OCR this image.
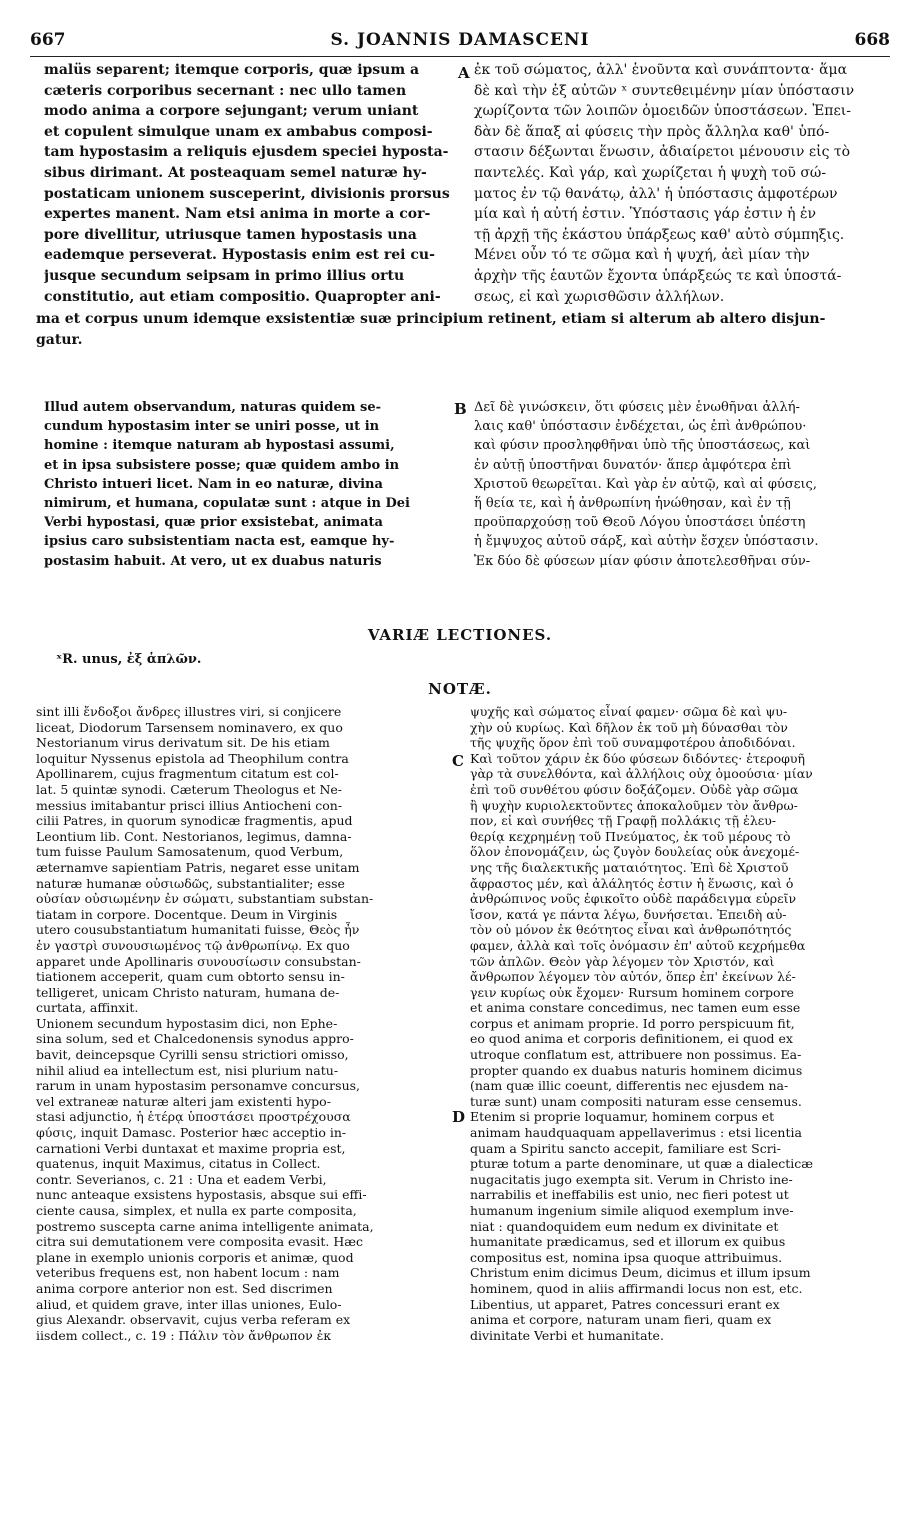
667	S. JOANNIS DAMASCENI	668
malüs separent; itemque corporis, quæ ipsum a
cæteris corporibus secernant : nec ullo tamen
modo anima a corpore sejungant; verum uniant
et copulent simulque unam ex ambabus composi-
tam hypostasim a reliquis ejusdem speciei hyposta-
sibus dirimant. At posteaquam semel naturæ hy-
postaticam unionem susceperint, divisionis prorsus
expertes manent. Nam etsi anima in morte a cor-
pore divellitur, utriusque tamen hypostasis una
eademque perseverat. Hypostasis enim est rei cu-
jusque secundum seipsam in primo illius ortu
constitutio, aut etiam compositio. Quapropter ani-
A ἐκ τοῦ σώματος, ἀλλ' ἑνοῦντα καὶ συνάπτοντα· ἅμα
δὲ καὶ τὴν ἐξ αὐτῶν ˣ συντεθειμένην μίαν ὑπόστασιν
χωρίζοντα τῶν λοιπῶν ὁμοειδῶν ὑποστάσεων. Ἐπει-
δὰν δὲ ἅπαξ αἱ φύσεις τὴν πρὸς ἄλληλα καθ' ὑπό-
στασιν δέξωνται ἕνωσιν, ἀδιαίρετοι μένουσιν εἰς τὸ
παντελές. Καὶ γάρ, καὶ χωρίζεται ἡ ψυχὴ τοῦ σώ-
ματος ἐν τῷ θανάτῳ, ἀλλ' ἡ ὑπόστασις ἀμφοτέρων
μία καὶ ἡ αὐτή ἐστιν. Ὑπόστασις γάρ ἐστιν ἡ ἐν
τῇ ἀρχῇ τῆς ἑκάστου ὑπάρξεως καθ' αὐτὸ σύμπηξις.
Μένει οὖν τό τε σῶμα καὶ ἡ ψυχή, ἀεὶ μίαν τὴν
ἀρχὴν τῆς ἑαυτῶν ἔχοντα ὑπάρξεώς τε καὶ ὑποστά-
σεως, εἰ καὶ χωρισθῶσιν ἀλλήλων.
ma et corpus unum idemque exsistentiæ suæ principium retinent, etiam si alterum ab altero disjun-
gatur.
Illud autem observandum, naturas quidem se-
cundum hypostasim inter se uniri posse, ut in
homine : itemque naturam ab hypostasi assumi,
et in ipsa subsistere posse; quæ quidem ambo in
Christo intueri licet. Nam in eo naturæ, divina
nimirum, et humana, copulatæ sunt : atque in Dei
Verbi hypostasi, quæ prior exsistebat, animata
ipsius caro subsistentiam nacta est, eamque hy-
postasim habuit. At vero, ut ex duabus naturis
B Δεῖ δὲ γινώσκειν, ὅτι φύσεις μὲν ἑνωθῆναι ἀλλή-
λαις καθ' ὑπόστασιν ἐνδέχεται, ὡς ἐπὶ ἀνθρώπου·
καὶ φύσιν προσληφθῆναι ὑπὸ τῆς ὑποστάσεως, καὶ
ἐν αὐτῇ ὑποστῆναι δυνατόν· ἅπερ ἀμφότερα ἐπὶ
Χριστοῦ θεωρεῖται. Καὶ γὰρ ἐν αὐτῷ, καὶ αἱ φύσεις,
ἥ θεία τε, καὶ ἡ ἀνθρωπίνη ἡνώθησαν, καὶ ἐν τῇ
προϋπαρχούσῃ τοῦ Θεοῦ Λόγου ὑποστάσει ὑπέστη
ἡ ἔμψυχος αὐτοῦ σάρξ, καὶ αὐτὴν ἔσχεν ὑπόστασιν.
Ἐκ δύο δὲ φύσεων μίαν φύσιν ἀποτελεσθῆναι σύν-
VARIÆ LECTIONES.
ˣR. unus, ἐξ ἁπλῶν.
NOTÆ.
sint illi ἔνδοξοι ἄνδρες illustres viri, si conjicere
liceat, Diodorum Tarsensem nominavero, ex quo
Nestorianum virus derivatum sit. De his etiam
loquitur Nyssenus epistola ad Theophilum contra
Apollinarem, cujus fragmentum citatum est col-
lat. 5 quintæ synodi. Cæterum Theologus et Ne-
messius imitabantur prisci illius Antiocheni con-
cilii Patres, in quorum synodicæ fragmentis, apud
Leontium lib. Cont. Nestorianos, legimus, damna-
tum fuisse Paulum Samosatenum, quod Verbum,
æternamve sapientiam Patris, negaret esse unitam
naturæ humanæ οὐσιωδῶς, substantialiter; esse
οὐσίαν οὐσιωμένην ἐν σώματι, substantiam substan-
tiatam in corpore. Docentque. Deum in Virginis
utero cousubstantiatum humanitati fuisse, Θεὸς ἦν
ἐν γαστρὶ συνουσιωμένος τῷ ἀνθρωπίνῳ. Ex quo
apparet unde Apollinaris συνουσίωσιν consubstan-
tiationem acceperit, quam cum obtorto sensu in-
telligeret, unicam Christo naturam, humana de-
curtata, affinxit.
Unionem secundum hypostasim dici, non Ephe-
sina solum, sed et Chalcedonensis synodus appro-
bavit, deincepsque Cyrilli sensu strictiori omisso,
nihil aliud ea intellectum est, nisi plurium natu-
rarum in unam hypostasim personamve concursus,
vel extraneæ naturæ alteri jam existenti hypo-
stasi adjunctio, ἡ ἑτέρᾳ ὑποστάσει προστρέχουσα
φύσις, inquit Damasc. Posterior hæc acceptio in-
carnationi Verbi duntaxat et maxime propria est,
quatenus, inquit Maximus, citatus in Collect.
contr. Severianos, c. 21 : Una et eadem Verbi,
nunc anteaque exsistens hypostasis, absque sui effi-
ciente causa, simplex, et nulla ex parte composita,
postremo suscepta carne anima intelligente animata,
citra sui demutationem vere composita evasit. Hæc
plane in exemplo unionis corporis et animæ, quod
veteribus frequens est, non habent locum : nam
anima corpore anterior non est. Sed discrimen
aliud, et quidem grave, inter illas uniones, Eulo-
gius Alexandr. observavit, cujus verba referam ex
iisdem collect., c. 19 : Πάλιν τὸν ἄνθρωπον ἐκ
C
D
ψυχῆς καὶ σώματος εἶναί φαμεν· σῶμα δὲ καὶ ψυ-
χὴν οὐ κυρίως. Καὶ δῆλον ἐκ τοῦ μὴ δύνασθαι τὸν
τῆς ψυχῆς ὅρον ἐπὶ τοῦ συναμφοτέρου ἀποδιδόναι.
Καὶ τοῦτον χάριν ἐκ δύο φύσεων διδόντες· ἑτεροφυῆ
γὰρ τὰ συνελθόντα, καὶ ἀλλήλοις οὐχ ὁμοούσια· μίαν
ἐπὶ τοῦ συνθέτου φύσιν δοξάζομεν. Οὐδὲ γὰρ σῶμα
ἢ ψυχὴν κυριολεκτοῦντες ἀποκαλοῦμεν τὸν ἄνθρω-
πον, εἰ καὶ συνήθες τῇ Γραφῇ πολλάκις τῇ ἐλευ-
θερίᾳ κεχρημένῃ τοῦ Πνεύματος, ἐκ τοῦ μέρους τὸ
ὅλον ἐπονομάζειν, ὡς ζυγὸν δουλείας οὐκ ἀνεχομέ-
νης τῆς διαλεκτικῆς ματαιότητος. Ἐπὶ δὲ Χριστοῦ
ἄφραστος μέν, καὶ ἀλάλητός ἐστιν ἡ ἕνωσις, καὶ ὁ
ἀνθρώπινος νοῦς ἐφικοῖτο οὐδὲ παράδειγμα εὑρεῖν
ἴσον, κατά γε πάντα λέγω, δυνήσεται. Ἐπειδὴ αὐ-
τὸν οὐ μόνον ἐκ θεότητος εἶναι καὶ ἀνθρωπότητός
φαμεν, ἀλλὰ καὶ τοῖς ὀνόμασιν ἐπ' αὐτοῦ κεχρήμεθα
τῶν ἁπλῶν. Θεὸν γὰρ λέγομεν τὸν Χριστόν, καὶ
ἄνθρωπον λέγομεν τὸν αὐτόν, ὅπερ ἐπ' ἐκείνων λέ-
γειν κυρίως οὐκ ἔχομεν· Rursum hominem corpore
et anima constare concedimus, nec tamen eum esse
corpus et animam proprie. Id porro perspicuum fit,
eo quod anima et corporis definitionem, ei quod ex
utroque conflatum est, attribuere non possimus. Ea-
propter quando ex duabus naturis hominem dicimus
(nam quæ illic coeunt, differentis nec ejusdem na-
turæ sunt) unam compositi naturam esse censemus.
Etenim si proprie loquamur, hominem corpus et
animam haudquaquam appellaverimus : etsi licentia
quam a Spiritu sancto accepit, familiare est Scri-
pturæ totum a parte denominare, ut quæ a dialecticæ
nugacitatis jugo exempta sit. Verum in Christo ine-
narrabilis et ineffabilis est unio, nec fieri potest ut
humanum ingenium simile aliquod exemplum inve-
niat : quandoquidem eum nedum ex divinitate et
humanitate prædicamus, sed et illorum ex quibus
compositus est, nomina ipsa quoque attribuimus.
Christum enim dicimus Deum, dicimus et illum ipsum
hominem, quod in aliis affirmandi locus non est, etc.
Libentius, ut apparet, Patres concessuri erant ex
anima et corpore, naturam unam fieri, quam ex
divinitate Verbi et humanitate.
